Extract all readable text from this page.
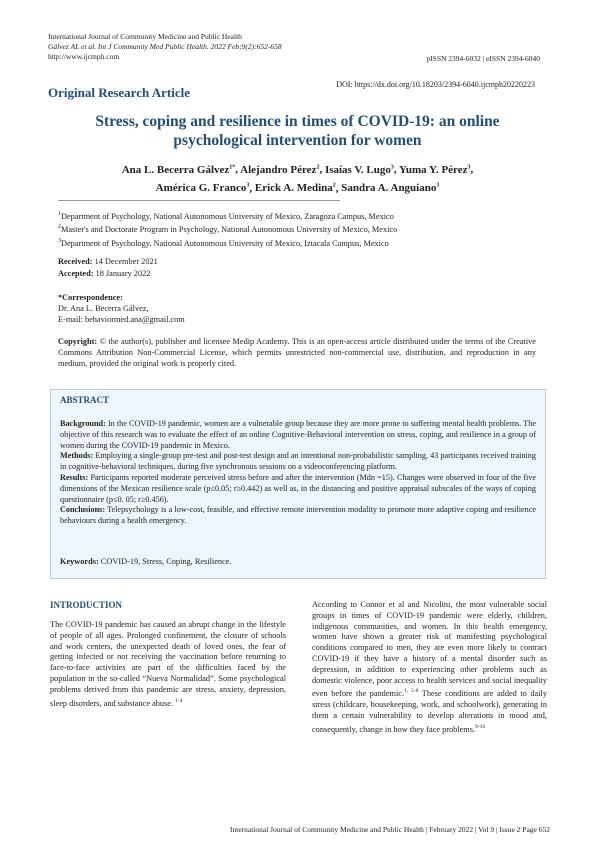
International Journal of Community Medicine and Public Health
Gálvez AL et al. Int J Community Med Public Health. 2022 Feb;9(2):652-658
http://www.ijcmph.com	pISSN 2394-6032 | eISSN 2394-6040
Original Research Article
DOI: https://dx.doi.org/10.18203/2394-6040.ijcmph20220223
Stress, coping and resilience in times of COVID-19: an online psychological intervention for women
Ana L. Becerra Gálvez$^{1*}$, Alejandro Pérez$^2$, Isaías V. Lugo$^3$, Yuma Y. Pérez$^3$,
América G. Franco$^3$, Erick A. Medina$^2$, Sandra A. Anguiano$^3$
$^1$Department of Psychology, National Autonomous University of Mexico, Zaragoza Campus, Mexico
$^2$Master's and Doctorate Program in Psychology, National Autonomous University of Mexico, Mexico
$^3$Department of Psychology, National Autonomous University of Mexico, Iztacala Campus, Mexico
Received: 14 December 2021
Accepted: 18 January 2022
*Correspondence:
Dr. Ana L. Becerra Gálvez,
E-mail: behaviormed.ana@gmail.com
Copyright: © the author(s), publisher and licensee Medip Academy. This is an open-access article distributed under the terms of the Creative Commons Attribution Non-Commercial License, which permits unrestricted non-commercial use, distribution, and reproduction in any medium, provided the original work is properly cited.
ABSTRACT

Background: In the COVID-19 pandemic, women are a vulnerable group because they are more prone to suffering mental health problems. The objective of this research was to evaluate the effect of an online Cognitive-Behavioral intervention on stress, coping, and resilience in a group of women during the COVID-19 pandemic in Mexico.

Methods: Employing a single-group pre-test and post-test design and an intentional non-probabilistic sampling, 43 participants received training in cognitive-behavioral techniques, during five synchronous sessions on a videoconferencing platform.

Results: Participants reported moderate perceived stress before and after the intervention (Mdn =15). Changes were observed in four of the five dimensions of the Mexican resilience scale (p≤0.05; r≥0.442) as well as, in the distancing and positive appraisal subscales of the ways of coping questionnaire (p≤0. 05; r≥0.456).

Conclusions: Telepsychology is a low-cost, feasible, and effective remote intervention modality to promote more adaptive coping and resilience behaviours during a health emergency.

Keywords: COVID-19, Stress, Coping, Resilience.
INTRODUCTION
The COVID-19 pandemic has caused an abrupt change in the lifestyle of people of all ages. Prolonged confinement, the closure of schools and work centers, the unexpected death of loved ones, the fear of getting infected or not receiving the vaccination before returning to face-to-face activities are part of the difficulties faced by the population in the so-called “Nueva Normalidad”. Some psychological problems derived from this pandemic are stress, anxiety, depression, sleep disorders, and substance abuse. $^{1-4}$
According to Connor et al and Nicolini, the most vulnerable social groups in times of COVID-19 pandemic were elderly, children, indigenous communities, and women. In this health emergency, women have shown a greater risk of manifesting psychological conditions compared to men, they are even more likely to contract COVID-19 if they have a history of a mental disorder such as depression, in addition to experiencing other problems such as domestic violence, poor access to health services and social inequality even before the pandemic.$^{1, 5-8}$ These conditions are added to daily stress (childcare, housekeeping, work, and schoolwork), generating in them a certain vulnerability to develop alterations in mood and, consequently, change in how they face problems.$^{9-10}$
International Journal of Community Medicine and Public Health | February 2022 | Vol 9 | Issue 2 Page 652
